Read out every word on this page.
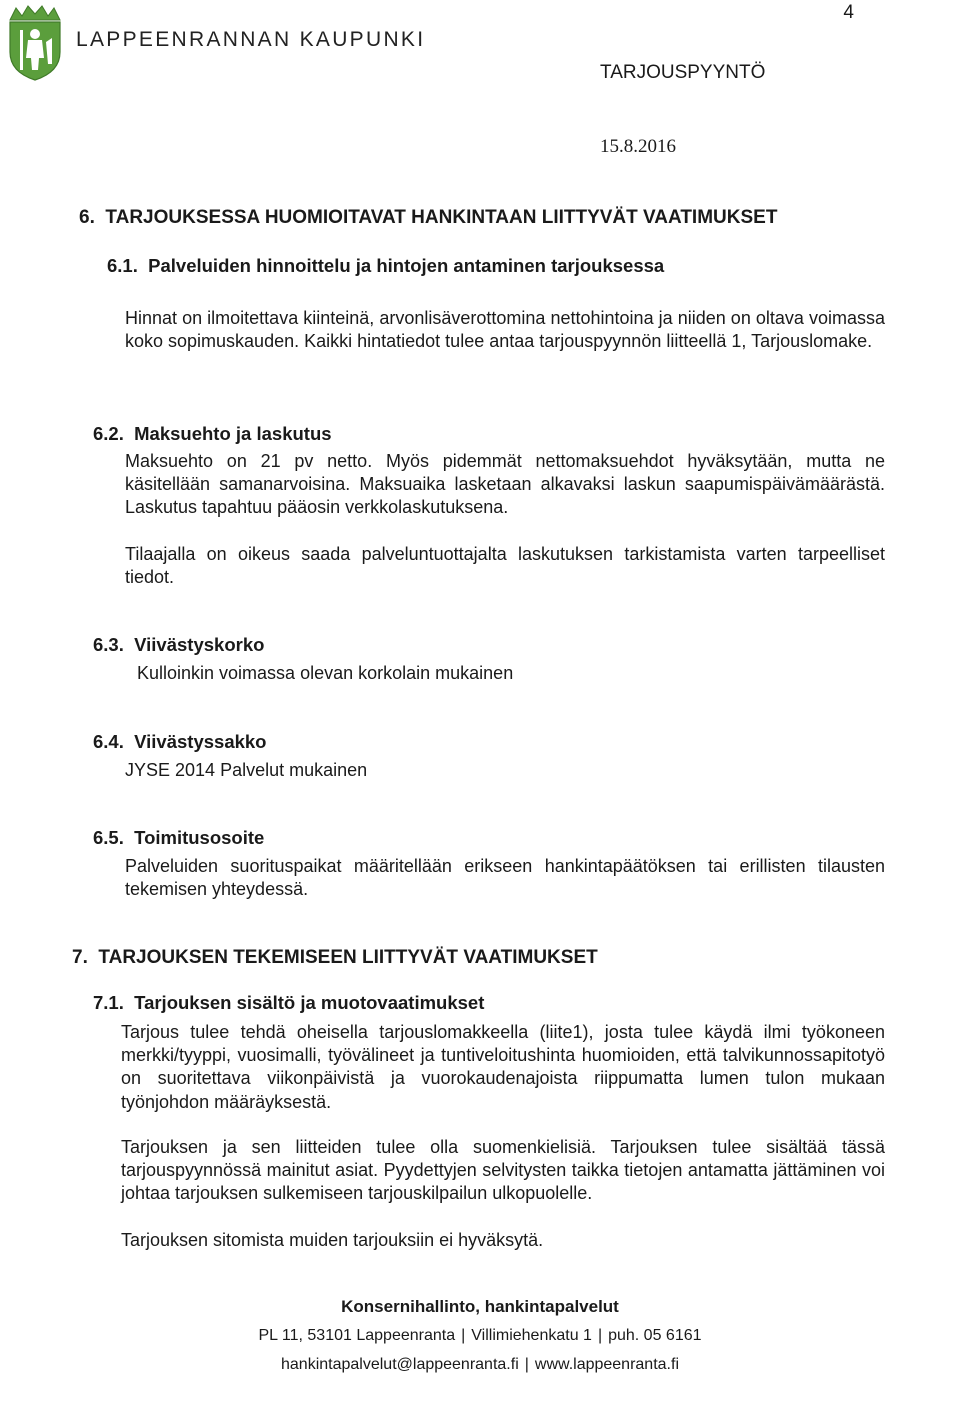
4
LAPPEENRANNAN KAUPUNKI
TARJOUSPYYNTÖ
15.8.2016
6. TARJOUKSESSA HUOMIOITAVAT HANKINTAAN LIITTYVÄT VAATIMUKSET
6.1. Palveluiden hinnoittelu ja hintojen antaminen tarjouksessa

Hinnat on ilmoitettava kiinteinä, arvonlisäverottomina nettohintoina ja niiden on oltava voimassa koko sopimuskauden. Kaikki hintatiedot tulee antaa tarjouspyynnön liitteellä 1, Tarjouslomake.

6.2. Maksuehto ja laskutus

Maksuehto on 21 pv netto. Myös pidemmät nettomaksuehdot hyväksytään, mutta ne käsitellään samanarvoisina. Maksuaika lasketaan alkavaksi laskun saapumispäivämäärästä. Laskutus tapahtuu pääosin verkkolaskutuksena.

Tilaajalla on oikeus saada palveluntuottajalta laskutuksen tarkistamista varten tarpeelliset tiedot.

6.3. Viivästyskorko

Kulloinkin voimassa olevan korkolain mukainen

6.4. Viivästyssakko

JYSE 2014 Palvelut mukainen

6.5. Toimitusosoite

Palveluiden suorituspaikat määritellään erikseen hankintapäätöksen tai erillisten tilausten tekemisen yhteydessä.

7. TARJOUKSEN TEKEMISEEN LIITTYVÄT VAATIMUKSET
7.1. Tarjouksen sisältö ja muotovaatimukset

Tarjous tulee tehdä oheisella tarjouslomakkeella (liite1), josta tulee käydä ilmi työkoneen merkki/tyyppi, vuosimalli, työvälineet ja tuntiveloitushinta huomioiden, että talvikunnossapitotyö on suoritettava viikonpäivistä ja vuorokaudenajoista riippumatta lumen tulon mukaan työnjohdon määräyksestä.

Tarjouksen ja sen liitteiden tulee olla suomenkielisiä. Tarjouksen tulee sisältää tässä tarjouspyynnössä mainitut asiat. Pyydettyjen selvitysten taikka tietojen antamatta jättäminen voi johtaa tarjouksen sulkemiseen tarjouskilpailun ulkopuolelle.

Tarjouksen sitomista muiden tarjouksiin ei hyväksytä.

Konsernihallinto, hankintapalvelut
PL 11, 53101 Lappeenranta | Villimiehenkatu 1 | puh. 05 6161
hankintapalvelut@lappeenranta.fi | www.lappeenranta.fi
